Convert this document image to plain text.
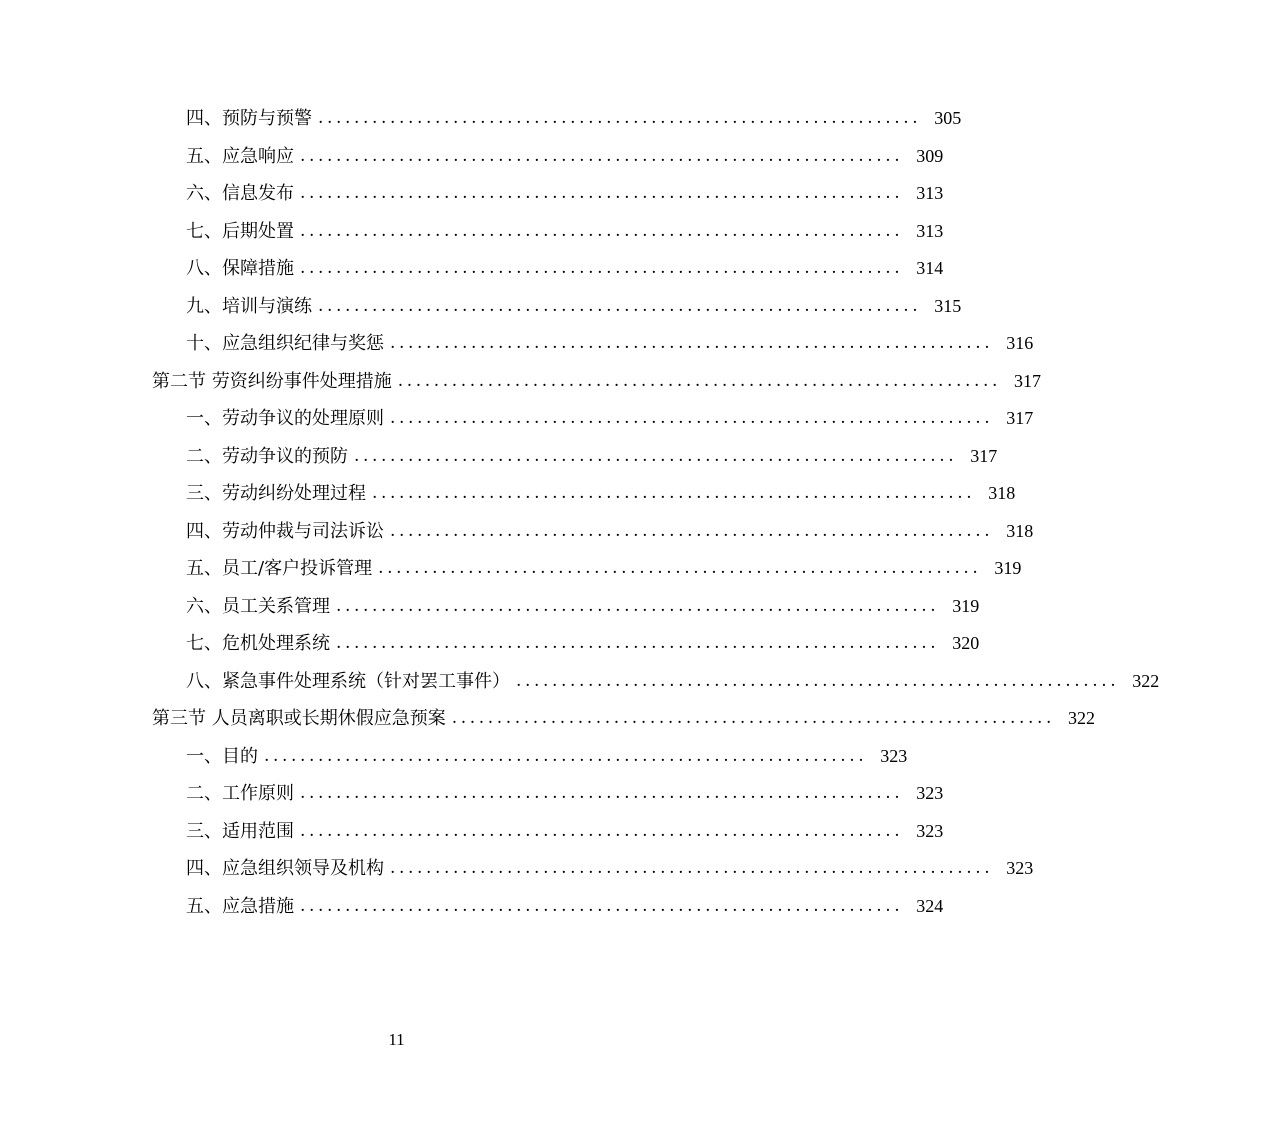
四、预防与预警 ................................................................... 305
五、应急响应 ................................................................... 309
六、信息发布 ................................................................... 313
七、后期处置 ................................................................... 313
八、保障措施 ................................................................... 314
九、培训与演练 ................................................................... 315
十、应急组织纪律与奖惩 ................................................................... 316
第二节 劳资纠纷事件处理措施 ................................................................... 317
一、劳动争议的处理原则 ................................................................... 317
二、劳动争议的预防 ................................................................... 317
三、劳动纠纷处理过程 ................................................................... 318
四、劳动仲裁与司法诉讼 ................................................................... 318
五、员工/客户投诉管理 ................................................................... 319
六、员工关系管理 ................................................................... 319
七、危机处理系统 ................................................................... 320
八、紧急事件处理系统（针对罢工事件） ................................................................... 322
第三节 人员离职或长期休假应急预案 ................................................................... 322
一、目的 ................................................................... 323
二、工作原则 ................................................................... 323
三、适用范围 ................................................................... 323
四、应急组织领导及机构 ................................................................... 323
五、应急措施 ................................................................... 324
11
